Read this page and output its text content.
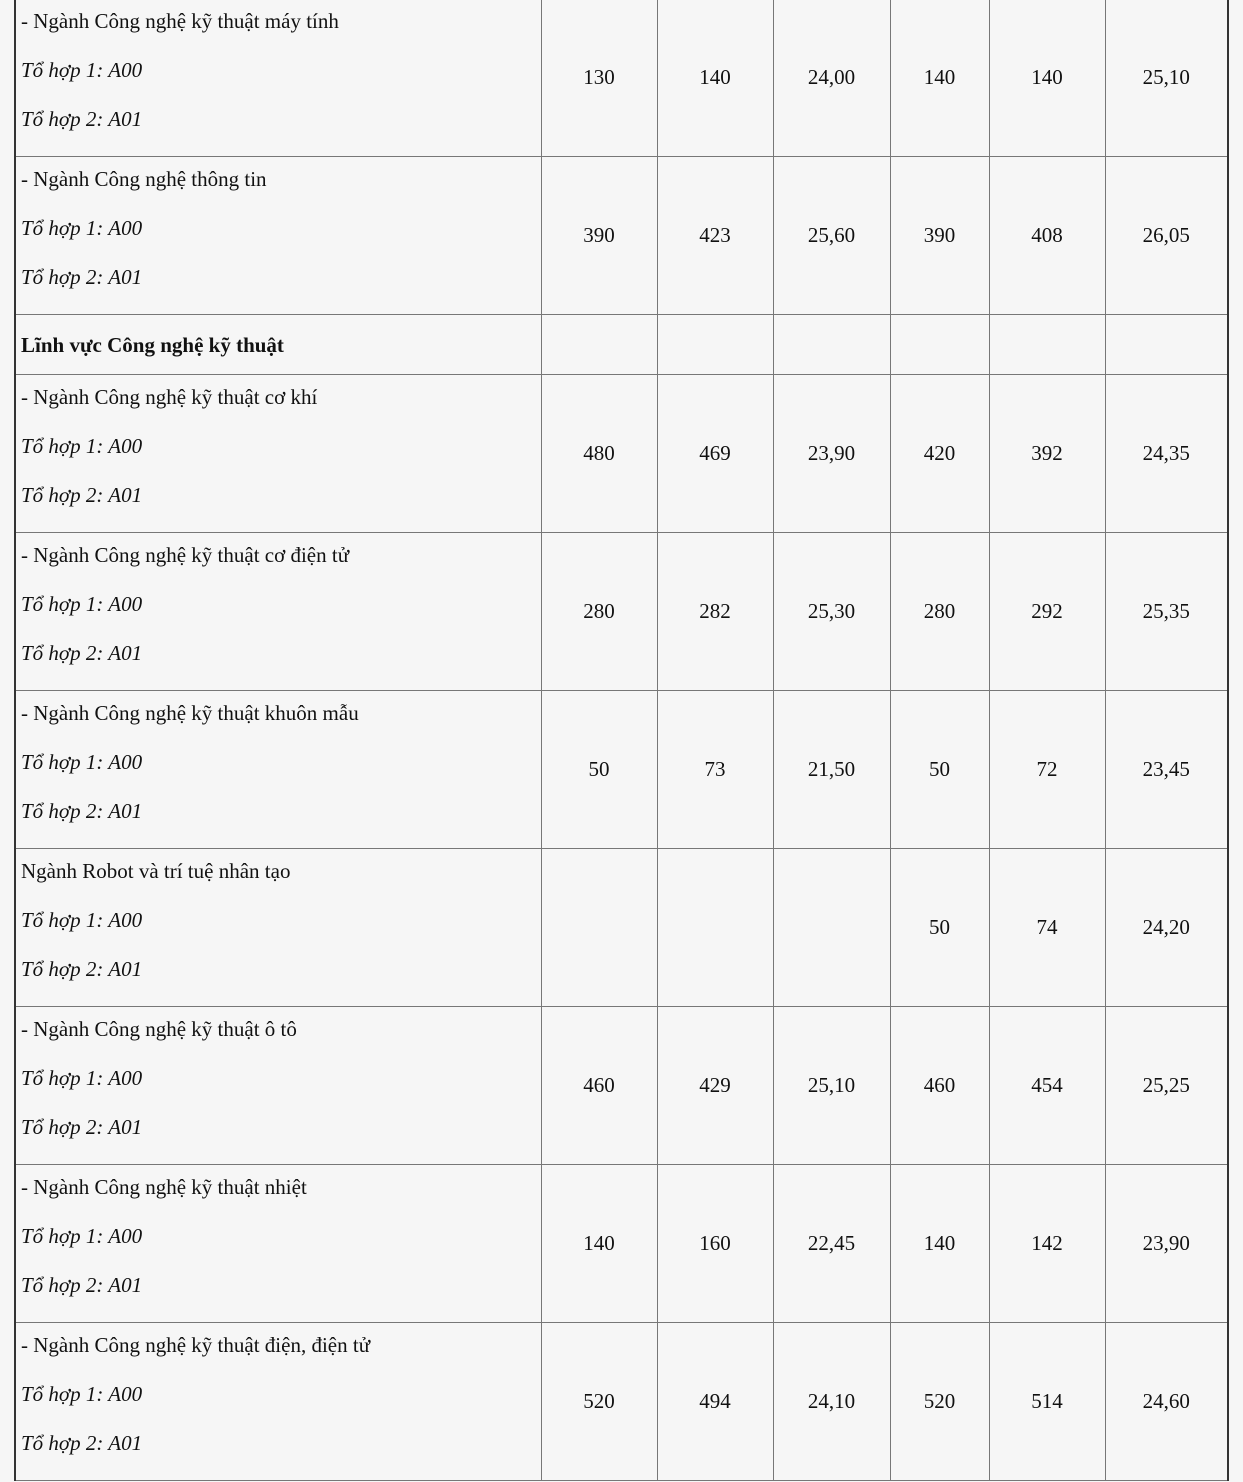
- Ngành Công nghệ kỹ thuật máy tính
Tổ hợp 1: A00
Tổ hợp 2: A01	130	140	24,00	140	140	25,10

- Ngành Công nghệ thông tin
Tổ hợp 1: A00
Tổ hợp 2: A01	390	423	25,60	390	408	26,05

Lĩnh vực Công nghệ kỹ thuật						

- Ngành Công nghệ kỹ thuật cơ khí
Tổ hợp 1: A00
Tổ hợp 2: A01	480	469	23,90	420	392	24,35

- Ngành Công nghệ kỹ thuật cơ điện tử
Tổ hợp 1: A00
Tổ hợp 2: A01	280	282	25,30	280	292	25,35

- Ngành Công nghệ kỹ thuật khuôn mẫu
Tổ hợp 1: A00
Tổ hợp 2: A01	50	73	21,50	50	72	23,45

Ngành Robot và trí tuệ nhân tạo
Tổ hợp 1: A00
Tổ hợp 2: A01				50	74	24,20

- Ngành Công nghệ kỹ thuật ô tô
Tổ hợp 1: A00
Tổ hợp 2: A01	460	429	25,10	460	454	25,25

- Ngành Công nghệ kỹ thuật nhiệt
Tổ hợp 1: A00
Tổ hợp 2: A01	140	160	22,45	140	142	23,90

- Ngành Công nghệ kỹ thuật điện, điện tử
Tổ hợp 1: A00
Tổ hợp 2: A01	520	494	24,10	520	514	24,60
